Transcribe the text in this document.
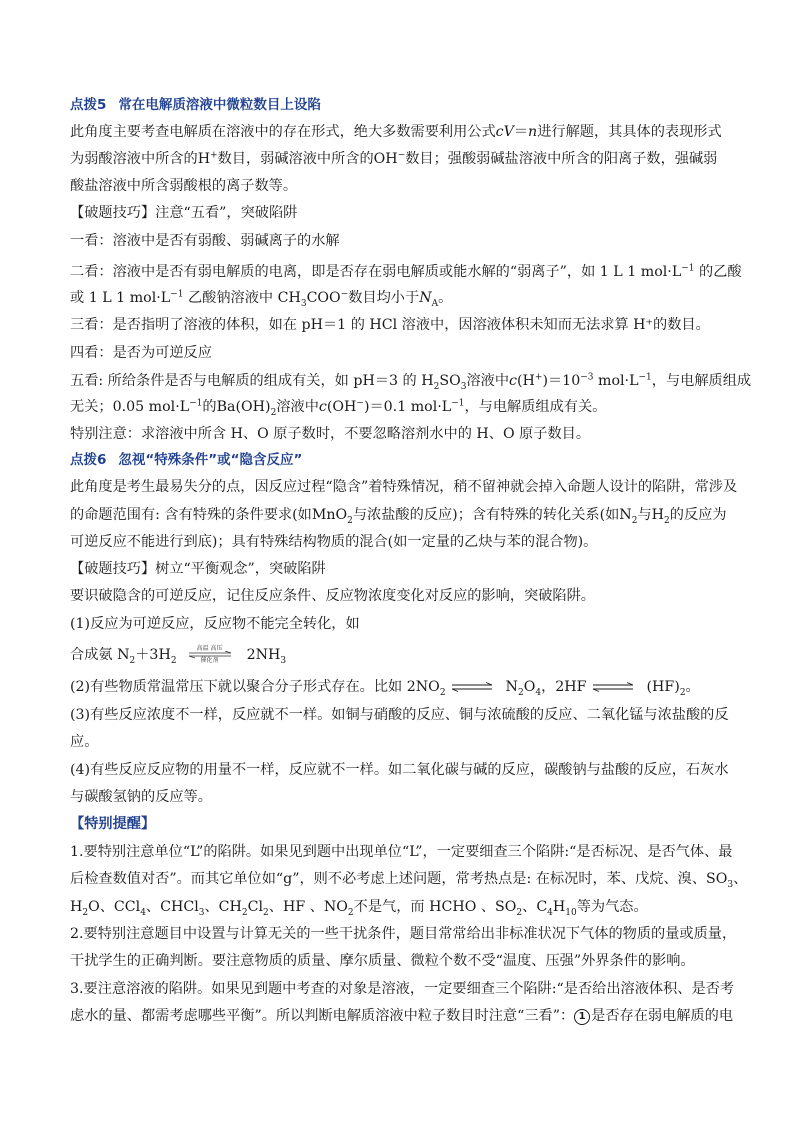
点拨5 常在电解质溶液中微粒数目上设陷
此角度主要考查电解质在溶液中的存在形式，绝大多数需要利用公式cV＝n进行解题，其具体的表现形式
为弱酸溶液中所含的H+数目，弱碱溶液中所含的OH−数目；强酸弱碱盐溶液中所含的阳离子数，强碱弱
酸盐溶液中所含弱酸根的离子数等。
【破题技巧】注意“五看”，突破陷阱
一看：溶液中是否有弱酸、弱碱离子的水解
二看：溶液中是否有弱电解质的电离，即是否存在弱电解质或能水解的“弱离子”，如 1 L 1 $mol\cdot L^{-1}$ 的乙酸
或 1 L 1 $mol\cdot L^{-1}$ 乙酸钠溶液中 $CH_3COO^-$数目均小于$N_A$。
三看：是否指明了溶液的体积，如在 pH＝1 的 HCl 溶液中，因溶液体积未知而无法求算 H⁺的数目。
四看：是否为可逆反应
五看: 所给条件是否与电解质的组成有关，如 pH＝3 的 $H_2SO_3$溶液中$c(H^+)=10^{-3}$ $mol\cdot L^{-1}$，与电解质组成
无关；0.05 $mol\cdot L^{-1}$的$Ba(OH)_2$溶液中c(OH−)＝0.1 $mol\cdot L^{-1}$，与电解质组成有关。
特别注意：求溶液中所含 H、O 原子数时，不要忽略溶剂水中的 H、O 原子数目。
点拨6 忽视“特殊条件”或“隐含反应”
此角度是考生最易失分的点，因反应过程“隐含”着特殊情况，稍不留神就会掉入命题人设计的陷阱，常涉及
的命题范围有: 含有特殊的条件要求(如MnO$_2$与浓盐酸的反应)；含有特殊的转化关系(如$N_2$与$H_2$的反应为
可逆反应不能进行到底)；具有特殊结构物质的混合(如一定量的乙炔与苯的混合物)。
【破题技巧】树立“平衡观念”，突破陷阱
要识破隐含的可逆反应，记住反应条件、反应物浓度变化对反应的影响，突破陷阱。
(1)反应为可逆反应，反应物不能完全转化，如
合成氨 $N_2+3H_2$
高温 高压
催化剂	$2NH_3$
(2)有些物质常温常压下就以聚合分子形式存在。比如 $2NO_2$ ⇌ $N_2O_4$，2HF ⇌ $(HF)_2$。
(3)有些反应浓度不一样，反应就不一样。如铜与硝酸的反应、铜与浓硫酸的反应、二氧化锰与浓盐酸的反
应。
(4)有些反应反应物的用量不一样，反应就不一样。如二氧化碳与碱的反应，碳酸钠与盐酸的反应，石灰水
与碳酸氢钠的反应等。
【特别提醒】
1.要特别注意单位“L”的陷阱。如果见到题中出现单位“L”，一定要细查三个陷阱:“是否标况、是否气体、最
后检查数值对否”。而其它单位如“g”，则不必考虑上述问题，常考热点是: 在标况时，苯、戊烷、溴、$SO_3$、
$H_2O$、CCl$_4$、CHCl$_3$、$CH_2Cl_2$、HF 、$NO_2$不是气，而 HCHO 、$SO_2$、$C_4H_{10}$等为气态。
2.要特别注意题目中设置与计算无关的一些干扰条件，题目常常给出非标准状况下气体的物质的量或质量，
干扰学生的正确判断。要注意物质的质量、摩尔质量、微粒个数不受“温度、压强”外界条件的影响。
3.要注意溶液的陷阱。如果见到题中考查的对象是溶液，一定要细查三个陷阱:“是否给出溶液体积、是否考
虑水的量、都需考虑哪些平衡”。所以判断电解质溶液中粒子数目时注意“三看”： 1 是否存在弱电解质的电
